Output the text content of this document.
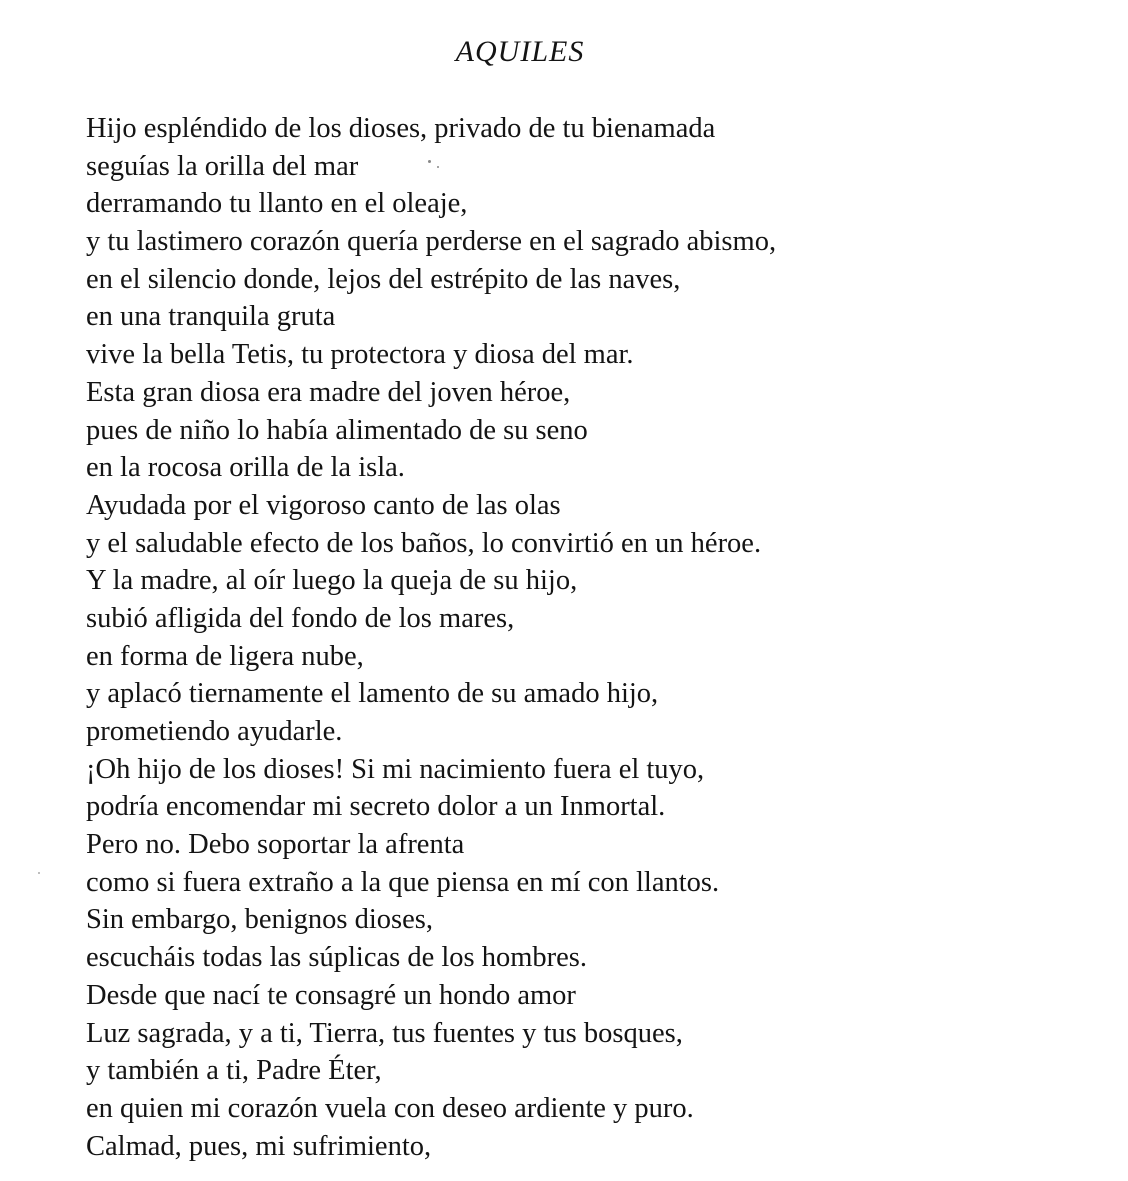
AQUILES
Hijo espléndido de los dioses, privado de tu bienamada
seguías la orilla del mar
derramando tu llanto en el oleaje,
y tu lastimero corazón quería perderse en el sagrado abismo,
en el silencio donde, lejos del estrépito de las naves,
en una tranquila gruta
vive la bella Tetis, tu protectora y diosa del mar.
Esta gran diosa era madre del joven héroe,
pues de niño lo había alimentado de su seno
en la rocosa orilla de la isla.
Ayudada por el vigoroso canto de las olas
y el saludable efecto de los baños, lo convirtió en un héroe.
Y la madre, al oír luego la queja de su hijo,
subió afligida del fondo de los mares,
en forma de ligera nube,
y aplacó tiernamente el lamento de su amado hijo,
prometiendo ayudarle.
¡Oh hijo de los dioses! Si mi nacimiento fuera el tuyo,
podría encomendar mi secreto dolor a un Inmortal.
Pero no. Debo soportar la afrenta
como si fuera extraño a la que piensa en mí con llantos.
Sin embargo, benignos dioses,
escucháis todas las súplicas de los hombres.
Desde que nací te consagré un hondo amor
Luz sagrada, y a ti, Tierra, tus fuentes y tus bosques,
y también a ti, Padre Éter,
en quien mi corazón vuela con deseo ardiente y puro.
Calmad, pues, mi sufrimiento,
